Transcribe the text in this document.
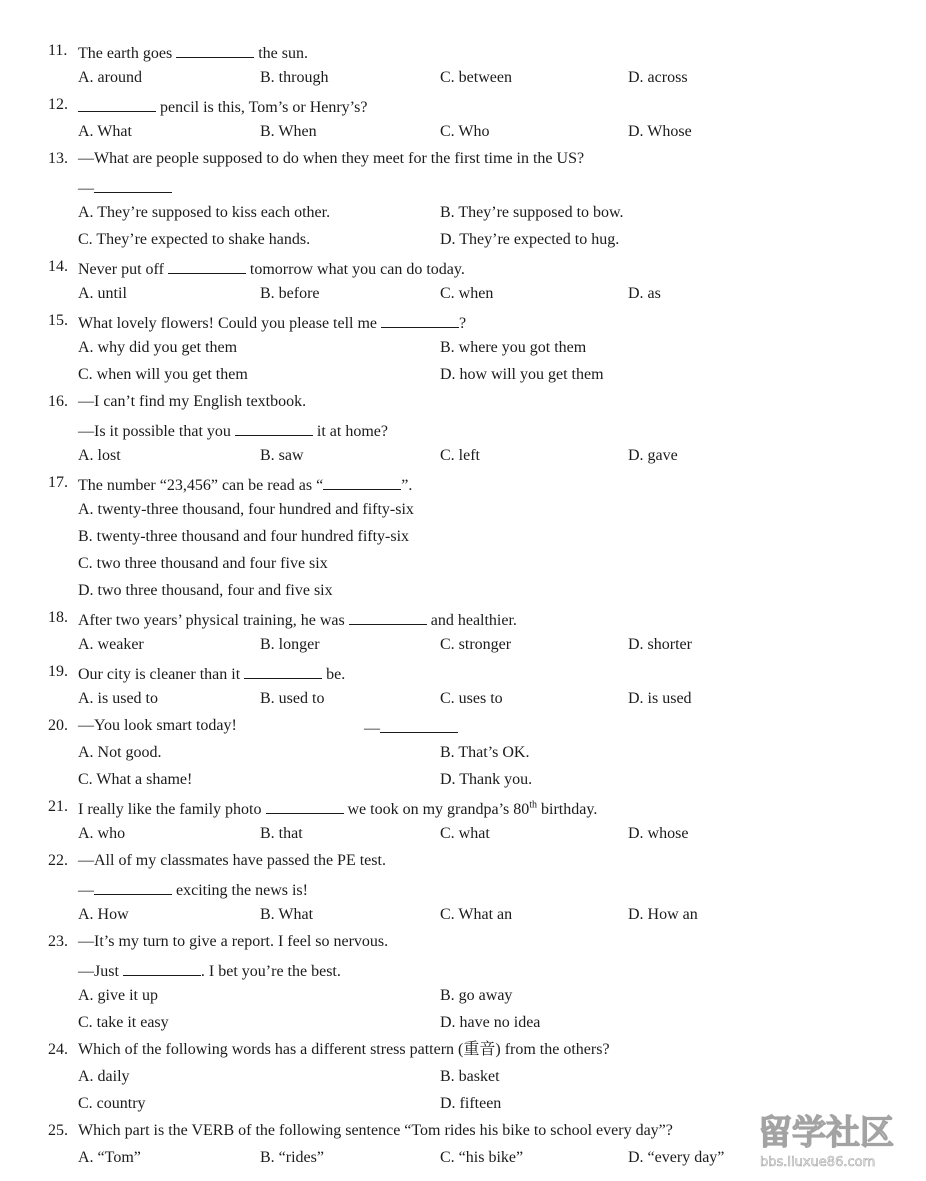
11. The earth goes	the sun.
A. around	B. through	C. between	D. across
12.	pencil is this, Tom’s or Henry’s?
A. What	B. When	C. Who	D. Whose
13. —What are people supposed to do when they meet for the first time in the US?
—
A. They’re supposed to kiss each other.	B. They’re supposed to bow.
C. They’re expected to shake hands.	D. They’re expected to hug.
14. Never put off	tomorrow what you can do today.
A. until	B. before	C. when	D. as
15. What lovely flowers! Could you please tell me	?
A. why did you get them	B. where you got them
C. when will you get them	D. how will you get them
16. —I can’t find my English textbook.
—Is it possible that you	it at home?
A. lost	B. saw	C. left	D. gave
17. The number “23,456” can be read as “	”.
A. twenty-three thousand, four hundred and fifty-six
B. twenty-three thousand and four hundred fifty-six
C. two three thousand and four five six
D. two three thousand, four and five six
18. After two years’ physical training, he was	and healthier.
A. weaker	B. longer	C. stronger	D. shorter
19. Our city is cleaner than it	be.
A. is used to	B. used to	C. uses to	D. is used
20. —You look smart today!	—
A. Not good.	B. That’s OK.
C. What a shame!	D. Thank you.
21. I really like the family photo	we took on my grandpa’s 80th birthday.
A. who	B. that	C. what	D. whose
22. —All of my classmates have passed the PE test.
—	exciting the news is!
A. How	B. What	C. What an	D. How an
23. —It’s my turn to give a report. I feel so nervous.
—Just	. I bet you’re the best.
A. give it up	B. go away
C. take it easy	D. have no idea
24. Which of the following words has a different stress pattern (重音) from the others?
A. daily	B. basket
C. country	D. fifteen
25. Which part is the VERB of the following sentence “Tom rides his bike to school every day”?
A. “Tom”	B. “rides”	C. “his bike”	D. “every day”
留学社区
bbs.liuxue86.com
